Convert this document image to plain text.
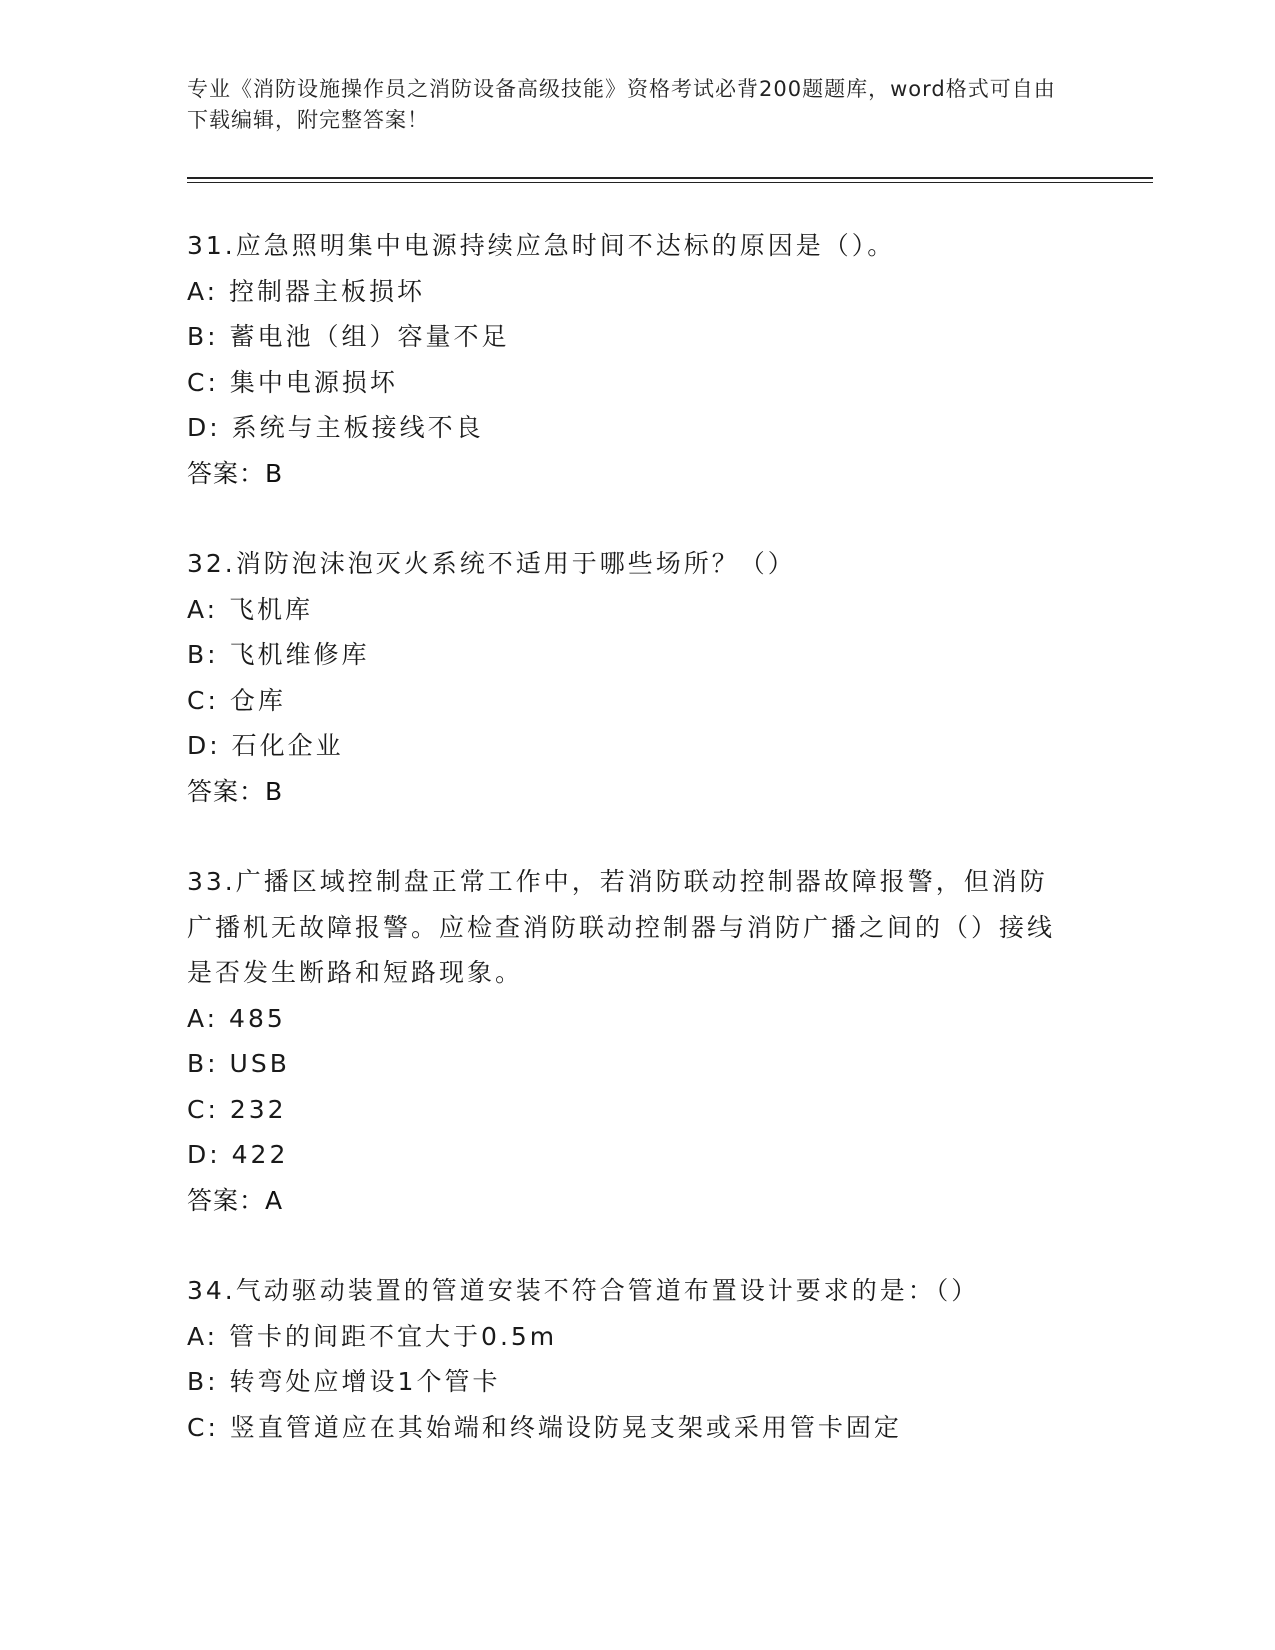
专业《消防设施操作员之消防设备高级技能》资格考试必背200题题库，word格式可自由下载编辑，附完整答案！
31.应急照明集中电源持续应急时间不达标的原因是（）。
A: 控制器主板损坏
B: 蓄电池（组）容量不足
C: 集中电源损坏
D: 系统与主板接线不良
答案：B
32.消防泡沫泡灭火系统不适用于哪些场所？（）
A: 飞机库
B: 飞机维修库
C: 仓库
D: 石化企业
答案：B
33.广播区域控制盘正常工作中，若消防联动控制器故障报警，但消防广播机无故障报警。应检查消防联动控制器与消防广播之间的（）接线是否发生断路和短路现象。
A: 485
B: USB
C: 232
D: 422
答案：A
34.气动驱动装置的管道安装不符合管道布置设计要求的是：（）
A: 管卡的间距不宜大于0.5m
B: 转弯处应增设1个管卡
C: 竖直管道应在其始端和终端设防晃支架或采用管卡固定
